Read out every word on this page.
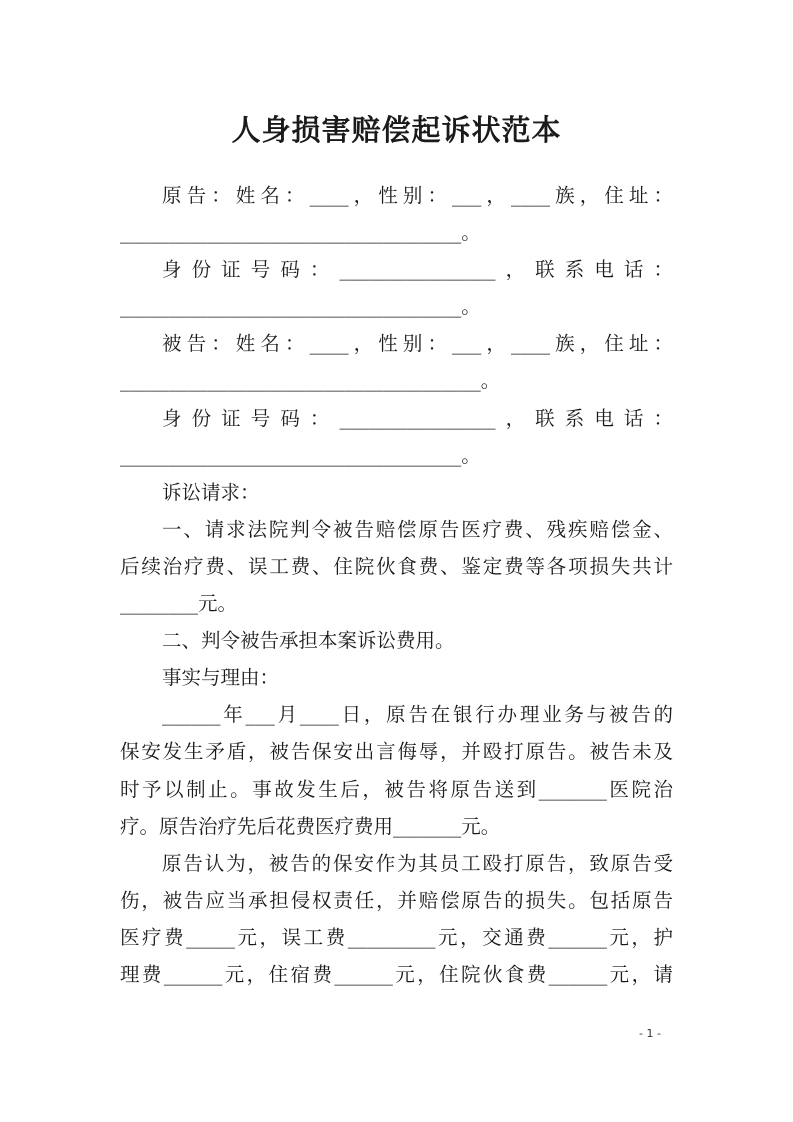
人身损害赔偿起诉状范本
原告：姓名：____，性别：___，____族，住址：
___________________________________。
身份证号码：________________，联系电话：
___________________________________。
被告：姓名：____，性别：___，____族，住址：
_____________________________________。
身份证号码：________________，联系电话：
___________________________________。
诉讼请求：
一、请求法院判令被告赔偿原告医疗费、残疾赔偿金、
后续治疗费、误工费、住院伙食费、鉴定费等各项损失共计
________元。
二、判令被告承担本案诉讼费用。
事实与理由：
______年___月____日，原告在银行办理业务与被告的
保安发生矛盾，被告保安出言侮辱，并殴打原告。被告未及
时予以制止。事故发生后，被告将原告送到_______医院治
疗。原告治疗先后花费医疗费用_______元。
原告认为，被告的保安作为其员工殴打原告，致原告受
伤，被告应当承担侵权责任，并赔偿原告的损失。包括原告
医疗费_____元，误工费_________元，交通费______元，护
理费______元，住宿费______元，住院伙食费______元，请
- 1 -
